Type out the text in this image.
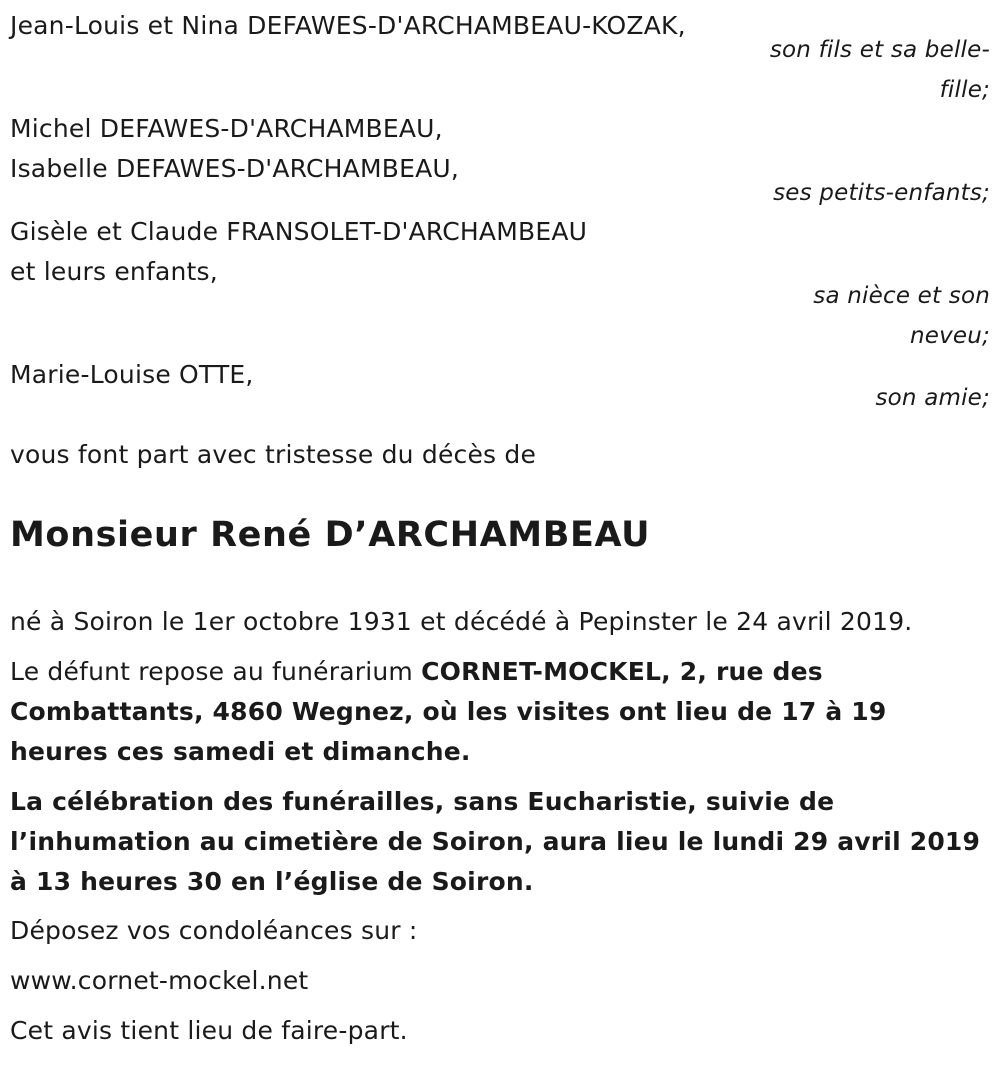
Jean-Louis et Nina DEFAWES-D'ARCHAMBEAU-KOZAK,
son fils et sa belle-
fille;
Michel DEFAWES-D'ARCHAMBEAU,
Isabelle DEFAWES-D'ARCHAMBEAU,
ses petits-enfants;
Gisèle et Claude FRANSOLET-D'ARCHAMBEAU
et leurs enfants,
sa nièce et son
neveu;
Marie-Louise OTTE,
son amie;
vous font part avec tristesse du décès de
Monsieur René D’ARCHAMBEAU
né à Soiron le 1er octobre 1931 et décédé à Pepinster le 24 avril 2019.
Le défunt repose au funérarium CORNET-MOCKEL, 2, rue des Combattants, 4860 Wegnez, où les visites ont lieu de 17 à 19 heures ces samedi et dimanche.
La célébration des funérailles, sans Eucharistie, suivie de l’inhumation au cimetière de Soiron, aura lieu le lundi 29 avril 2019 à 13 heures 30 en l’église de Soiron.
Déposez vos condoléances sur :
www.cornet-mockel.net
Cet avis tient lieu de faire-part.
